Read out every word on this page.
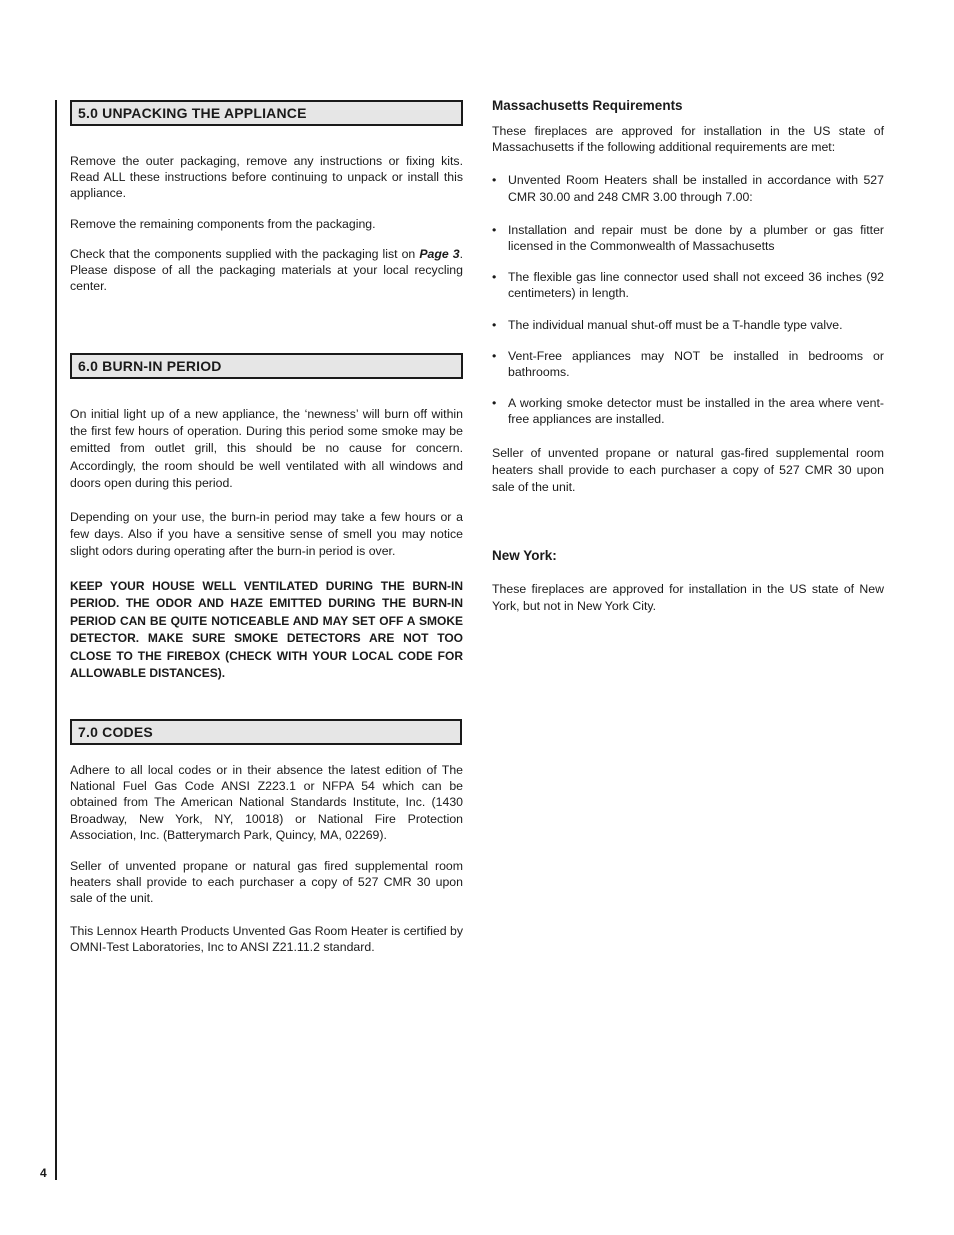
4
5.0 UNPACKING THE APPLIANCE

Remove the outer packaging, remove any instructions or fixing kits. Read ALL these instructions before continuing to unpack or install this appliance.

Remove the remaining components from the packaging.

Check that the components supplied with the packaging list on Page 3. Please dispose of all the packaging materials at your local recycling center.

6.0 BURN-IN PERIOD

On initial light up of a new appliance, the ‘newness’ will burn off within the first few hours of operation. During this period some smoke may be emitted from outlet grill, this should be no cause for concern. Accordingly, the room should be well ventilated with all windows and doors open during this period.

Depending on your use, the burn-in period may take a few hours or a few days. Also if you have a sensitive sense of smell you may notice slight odors during operating after the burn-in period is over.

KEEP YOUR HOUSE WELL VENTILATED DURING THE BURN-IN PERIOD. THE ODOR AND HAZE EMITTED DURING THE BURN-IN PERIOD CAN BE QUITE NOTICEABLE AND MAY SET OFF A SMOKE DETECTOR. MAKE SURE SMOKE DETECTORS ARE NOT TOO CLOSE TO THE FIREBOX (CHECK WITH YOUR LOCAL CODE FOR ALLOWABLE DISTANCES).
7.0 CODES

Adhere to all local codes or in their absence the latest edition of The National Fuel Gas Code ANSI Z223.1 or NFPA 54 which can be obtained from The American National Standards Institute, Inc. (1430 Broadway, New York, NY, 10018) or National Fire Protection Association, Inc. (Batterymarch Park, Quincy, MA, 02269).

Seller of unvented propane or natural gas fired supplemental room heaters shall provide to each purchaser a copy of 527 CMR 30 upon sale of the unit.

This Lennox Hearth Products Unvented Gas Room Heater is certified by OMNI-Test Laboratories, Inc to ANSI Z21.11.2 standard.

Massachusetts Requirements

These fireplaces are approved for installation in the US state of Massachusetts if the following additional requirements are met:

• Unvented Room Heaters shall be installed in accordance with 527 CMR 30.00 and 248 CMR 3.00 through 7.00:
• Installation and repair must be done by a plumber or gas fitter licensed in the Commonwealth of Massachusetts
• The flexible gas line connector used shall not exceed 36 inches (92 centimeters) in length.
• The individual manual shut-off must be a T-handle type valve.
• Vent-Free appliances may NOT be installed in bedrooms or bathrooms.
• A working smoke detector must be installed in the area where vent-free appliances are installed.

Seller of unvented propane or natural gas-fired supplemental room heaters shall provide to each purchaser a copy of 527 CMR 30 upon sale of the unit.

New York:

These fireplaces are approved for installation in the US state of New York, but not in New York City.
